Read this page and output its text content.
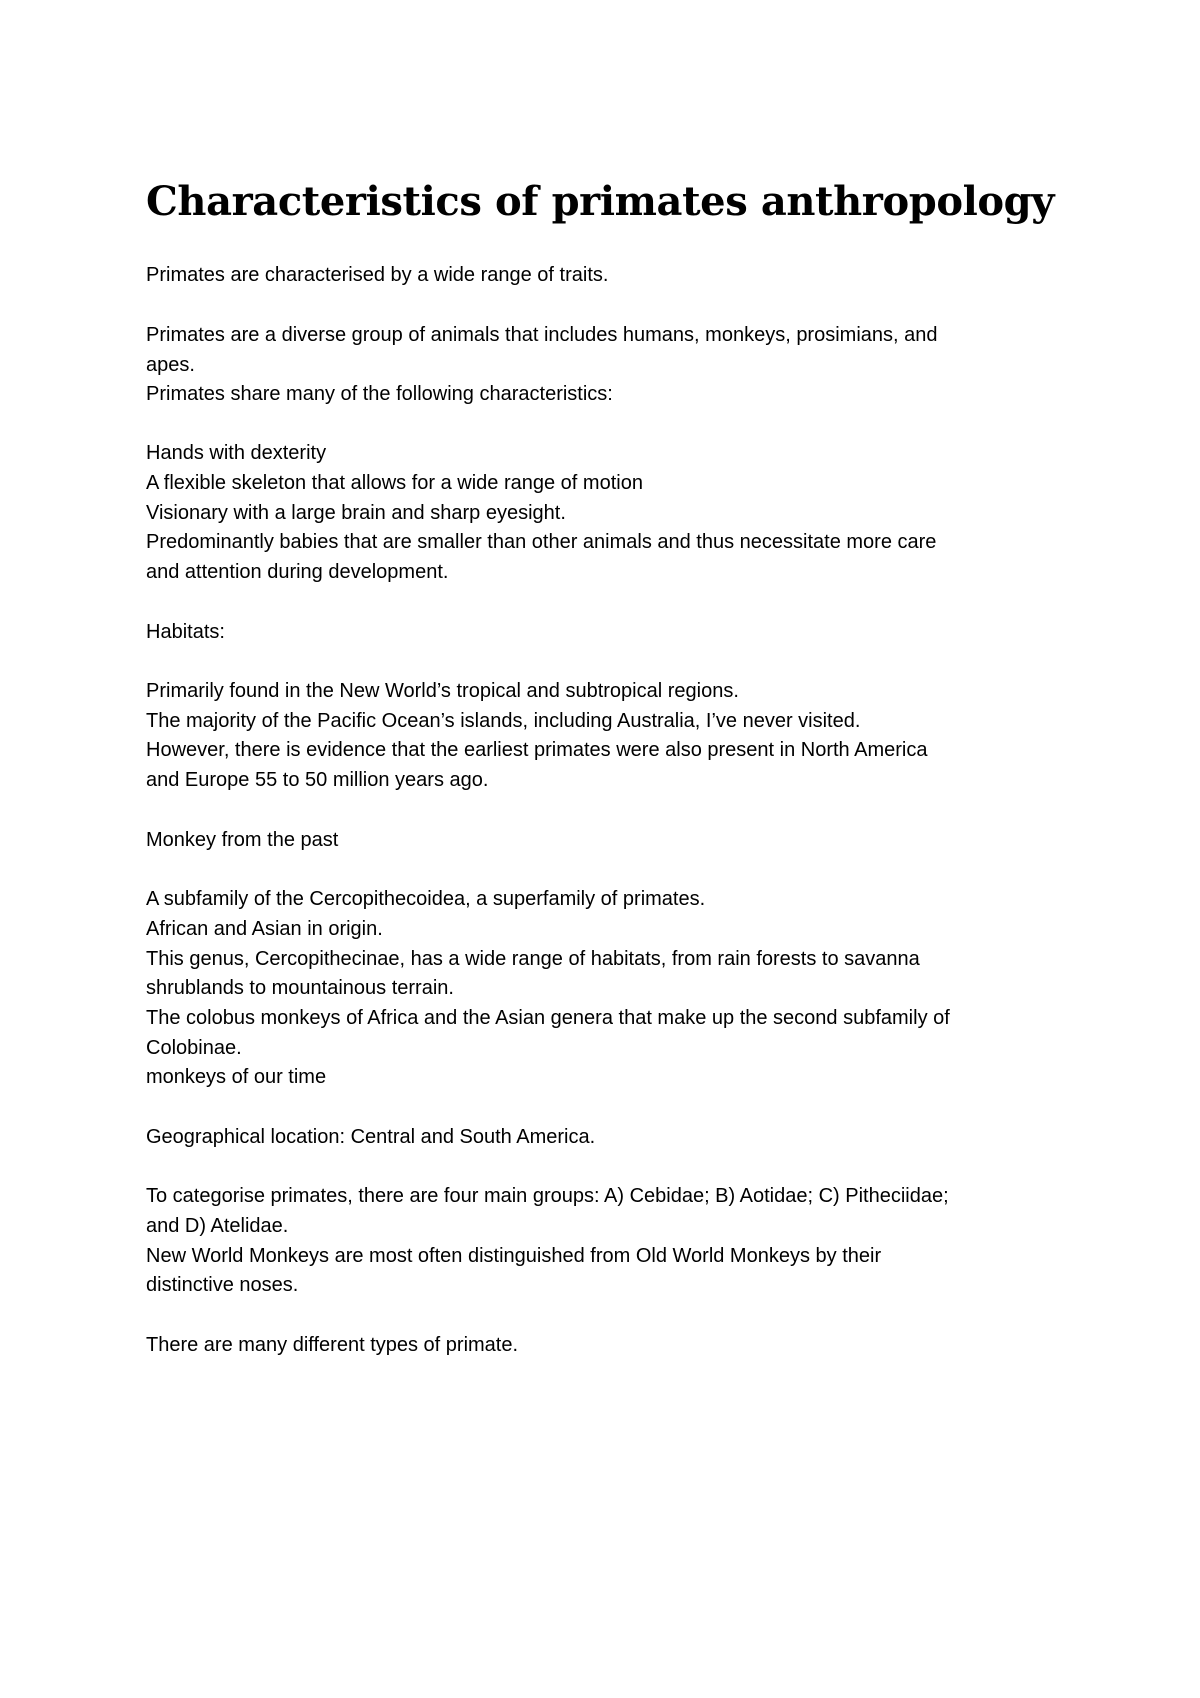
Characteristics of primates anthropology

Primates are characterised by a wide range of traits.

Primates are a diverse group of animals that includes humans, monkeys, prosimians, and

apes.

Primates share many of the following characteristics:

Hands with dexterity

A flexible skeleton that allows for a wide range of motion

Visionary with a large brain and sharp eyesight.

Predominantly babies that are smaller than other animals and thus necessitate more care

and attention during development.

Habitats:

Primarily found in the New World’s tropical and subtropical regions.

The majority of the Pacific Ocean’s islands, including Australia, I’ve never visited.

However, there is evidence that the earliest primates were also present in North America

and Europe 55 to 50 million years ago.

Monkey from the past

A subfamily of the Cercopithecoidea, a superfamily of primates.

African and Asian in origin.

This genus, Cercopithecinae, has a wide range of habitats, from rain forests to savanna

shrublands to mountainous terrain.

The colobus monkeys of Africa and the Asian genera that make up the second subfamily of

Colobinae.

monkeys of our time

Geographical location: Central and South America.

To categorise primates, there are four main groups: A) Cebidae; B) Aotidae; C) Pitheciidae;

and D) Atelidae.

New World Monkeys are most often distinguished from Old World Monkeys by their

distinctive noses.

There are many different types of primate.
